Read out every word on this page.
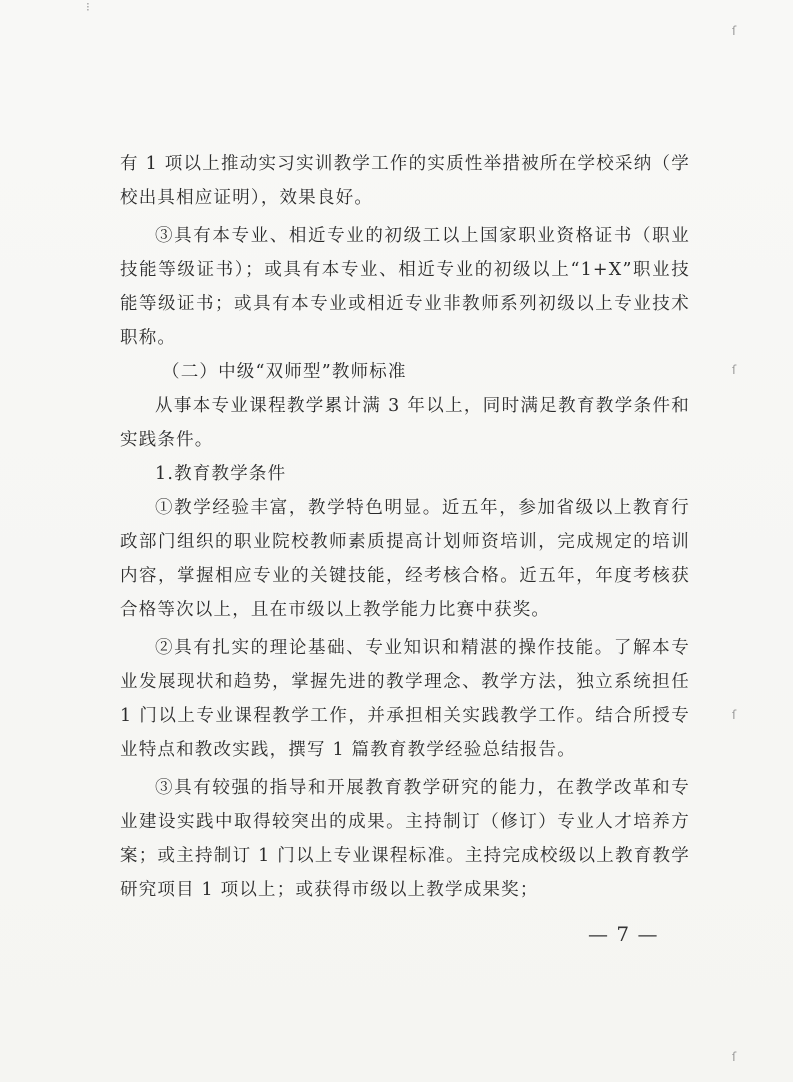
⁝
ſ
ſ
ſ
ſ

有 1 项以上推动实习实训教学工作的实质性举措被所在学校采纳（学校出具相应证明），效果良好。

③具有本专业、相近专业的初级工以上国家职业资格证书（职业技能等级证书）；或具有本专业、相近专业的初级以上“1+X”职业技能等级证书；或具有本专业或相近专业非教师系列初级以上专业技术职称。

（二）中级“双师型”教师标准

从事本专业课程教学累计满 3 年以上，同时满足教育教学条件和实践条件。

1.教育教学条件

①教学经验丰富，教学特色明显。近五年，参加省级以上教育行政部门组织的职业院校教师素质提高计划师资培训，完成规定的培训内容，掌握相应专业的关键技能，经考核合格。近五年，年度考核获合格等次以上，且在市级以上教学能力比赛中获奖。

②具有扎实的理论基础、专业知识和精湛的操作技能。了解本专业发展现状和趋势，掌握先进的教学理念、教学方法，独立系统担任 1 门以上专业课程教学工作，并承担相关实践教学工作。结合所授专业特点和教改实践，撰写 1 篇教育教学经验总结报告。

③具有较强的指导和开展教育教学研究的能力，在教学改革和专业建设实践中取得较突出的成果。主持制订（修订）专业人才培养方案；或主持制订 1 门以上专业课程标准。主持完成校级以上教育教学研究项目 1 项以上；或获得市级以上教学成果奖；

— 7 —
